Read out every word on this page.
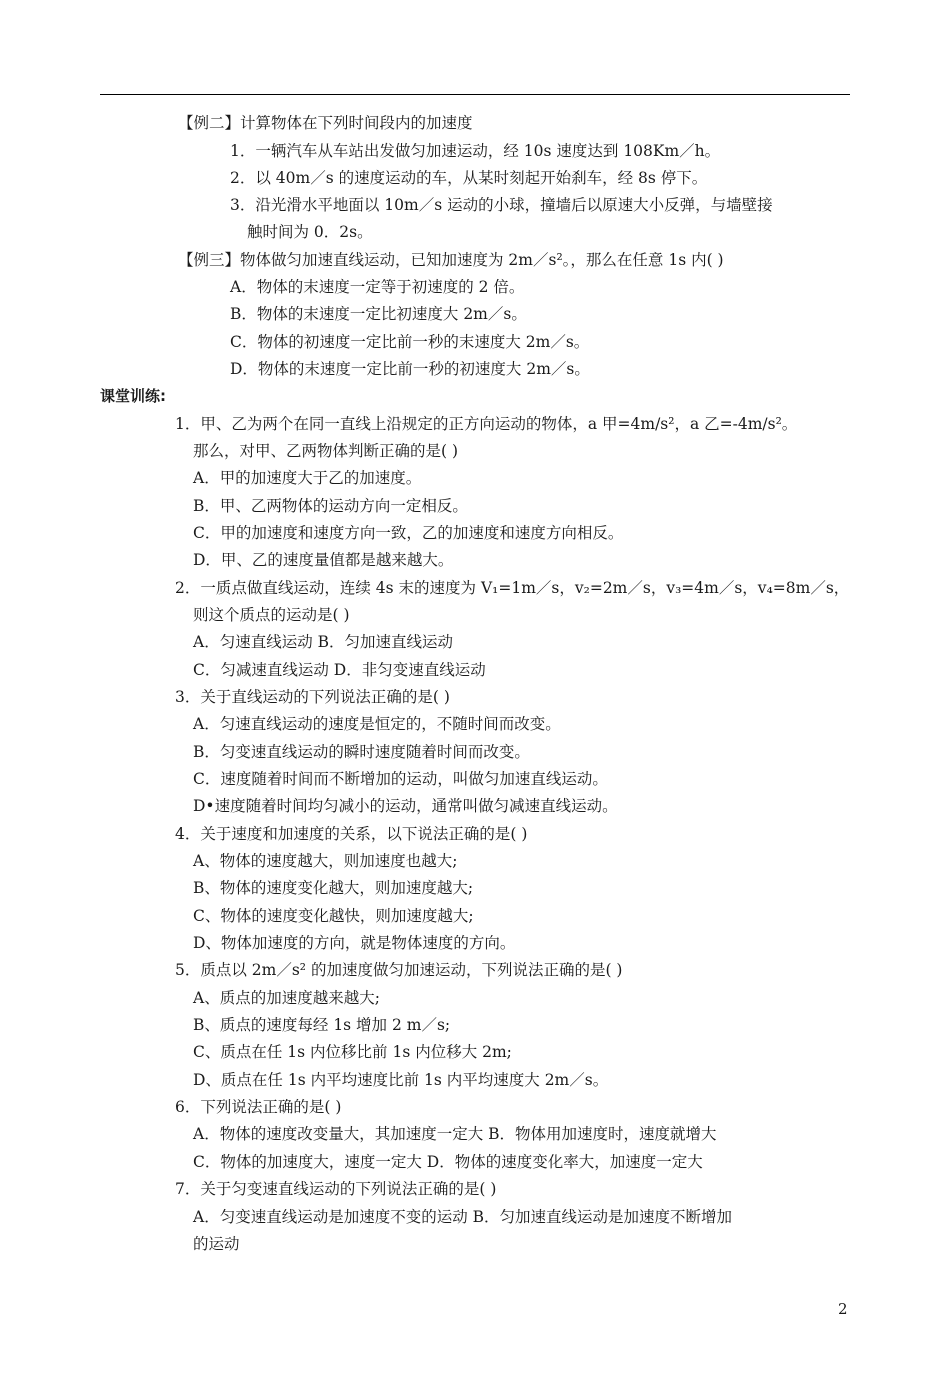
【例二】计算物体在下列时间段内的加速度
1．一辆汽车从车站出发做匀加速运动，经 10s 速度达到 108Km／h。
2．以 40m／s 的速度运动的车，从某时刻起开始刹车，经 8s 停下。
3．沿光滑水平地面以 10m／s 运动的小球，撞墙后以原速大小反弹，与墙壁接
触时间为 0．2s。
【例三】物体做匀加速直线运动，已知加速度为 2m／s²。，那么在任意 1s 内( )
A．物体的末速度一定等于初速度的 2 倍。
B．物体的末速度一定比初速度大 2m／s。
C．物体的初速度一定比前一秒的末速度大 2m／s。
D．物体的末速度一定比前一秒的初速度大 2m／s。
课堂训练:
1．甲、乙为两个在同一直线上沿规定的正方向运动的物体，a 甲=4m/s²，a 乙=-4m/s²。
那么，对甲、乙两物体判断正确的是( )
A．甲的加速度大于乙的加速度。
B．甲、乙两物体的运动方向一定相反。
C．甲的加速度和速度方向一致，乙的加速度和速度方向相反。
D．甲、乙的速度量值都是越来越大。
2．一质点做直线运动，连续 4s 末的速度为 V₁=1m／s，v₂=2m／s，v₃=4m／s，v₄=8m／s，
则这个质点的运动是( )
A．匀速直线运动 B．匀加速直线运动
C．匀减速直线运动 D．非匀变速直线运动
3．关于直线运动的下列说法正确的是( )
A．匀速直线运动的速度是恒定的，不随时间而改变。
B．匀变速直线运动的瞬时速度随着时间而改变。
C．速度随着时间而不断增加的运动，叫做匀加速直线运动。
D•速度随着时间均匀减小的运动，通常叫做匀减速直线运动。
4．关于速度和加速度的关系，以下说法正确的是( )
A、物体的速度越大，则加速度也越大;
B、物体的速度变化越大，则加速度越大;
C、物体的速度变化越快，则加速度越大;
D、物体加速度的方向，就是物体速度的方向。
5．质点以 2m／s² 的加速度做匀加速运动，下列说法正确的是( )
A、质点的加速度越来越大;
B、质点的速度每经 1s 增加 2 m／s;
C、质点在任 1s 内位移比前 1s 内位移大 2m;
D、质点在任 1s 内平均速度比前 1s 内平均速度大 2m／s。
6．下列说法正确的是( )
A．物体的速度改变量大，其加速度一定大 B．物体用加速度时，速度就增大
C．物体的加速度大，速度一定大 D．物体的速度变化率大，加速度一定大
7．关于匀变速直线运动的下列说法正确的是( )
A．匀变速直线运动是加速度不变的运动 B．匀加速直线运动是加速度不断增加
的运动
2
